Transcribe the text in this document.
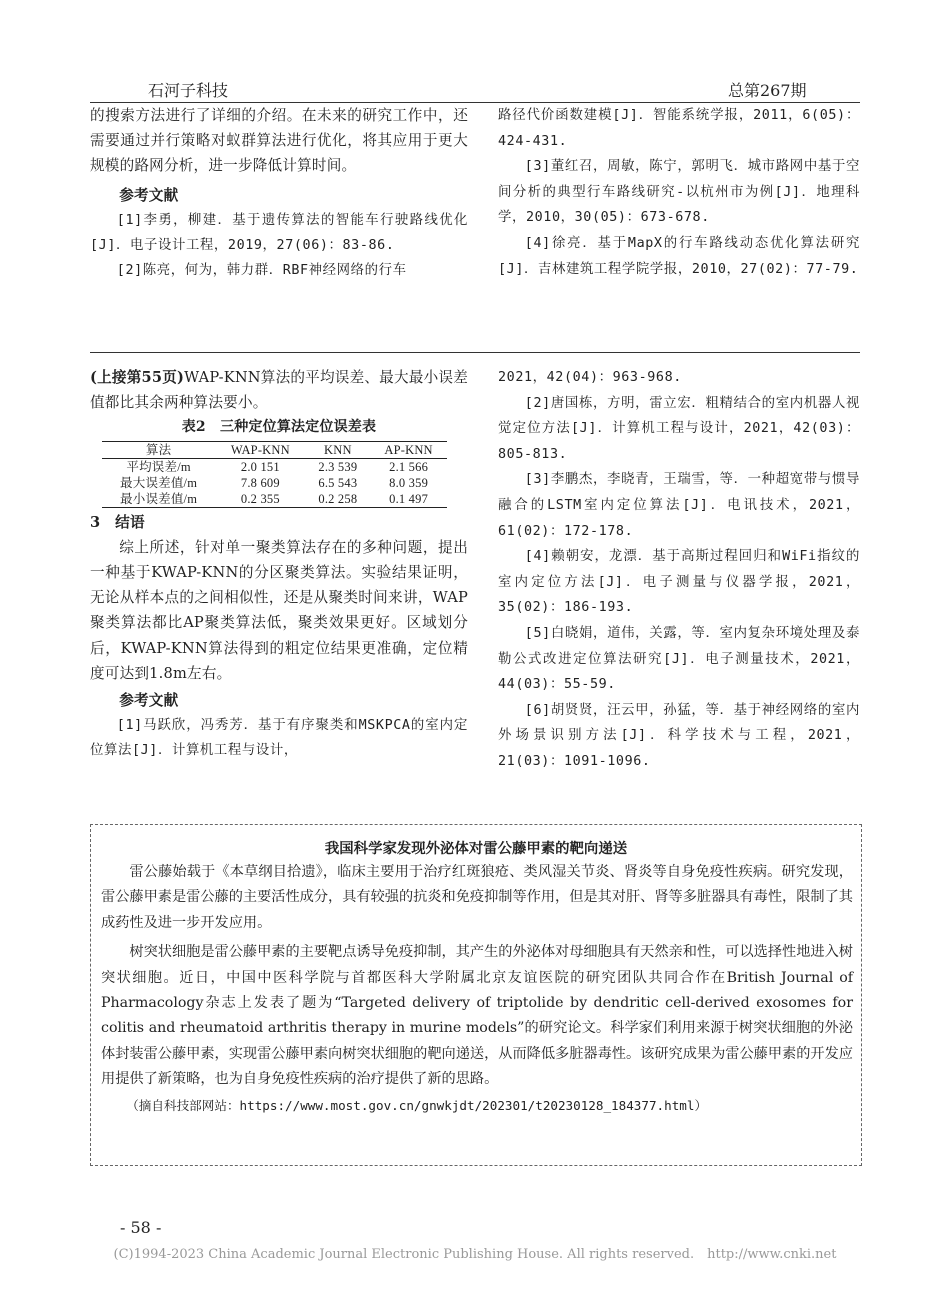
石河子科技	总第267期

的搜索方法进行了详细的介绍。在未来的研究工作中，还需要通过并行策略对蚁群算法进行优化，将其应用于更大规模的路网分析，进一步降低计算时间。

参考文献

[1]李勇，柳建．基于遗传算法的智能车行驶路线优化[J]．电子设计工程，2019，27(06)：83-86.

[2]陈亮，何为，韩力群．RBF神经网络的行车

路径代价函数建模[J]．智能系统学报，2011，6(05)：424-431.

[3]董红召，周敏，陈宁，郭明飞．城市路网中基于空间分析的典型行车路线研究-以杭州市为例[J]．地理科学，2010，30(05)：673-678.

[4]徐亮．基于MapX的行车路线动态优化算法研究[J]．吉林建筑工程学院学报，2010，27(02)：77-79.

(上接第55页)WAP-KNN算法的平均误差、最大最小误差值都比其余两种算法要小。

表2　三种定位算法定位误差表
算法	WAP-KNN	KNN	AP-KNN
平均误差/m	2.0 151	2.3 539	2.1 566
最大误差值/m	7.8 609	6.5 543	8.0 359
最小误差值/m	0.2 355	0.2 258	0.1 497

3　结语

综上所述，针对单一聚类算法存在的多种问题，提出一种基于KWAP-KNN的分区聚类算法。实验结果证明，无论从样本点的之间相似性，还是从聚类时间来讲，WAP聚类算法都比AP聚类算法低，聚类效果更好。区域划分后，KWAP-KNN算法得到的粗定位结果更准确，定位精度可达到1.8m左右。

参考文献

[1]马跃欣，冯秀芳．基于有序聚类和MSKPCA的室内定位算法[J]．计算机工程与设计，

2021，42(04)：963-968.

[2]唐国栋，方明，雷立宏．粗精结合的室内机器人视觉定位方法[J]．计算机工程与设计，2021，42(03)：805-813.

[3]李鹏杰，李晓青，王瑞雪，等．一种超宽带与惯导融合的LSTM室内定位算法[J]．电讯技术，2021，61(02)：172-178.

[4]赖朝安，龙漂．基于高斯过程回归和WiFi指纹的室内定位方法[J]．电子测量与仪器学报，2021，35(02)：186-193.

[5]白晓娟，道伟，关露，等．室内复杂环境处理及泰勒公式改进定位算法研究[J]．电子测量技术，2021，44(03)：55-59.

[6]胡贤贤，汪云甲，孙猛，等．基于神经网络的室内外场景识别方法[J]．科学技术与工程，2021，21(03)：1091-1096.

我国科学家发现外泌体对雷公藤甲素的靶向递送

雷公藤始载于《本草纲目拾遗》，临床主要用于治疗红斑狼疮、类风湿关节炎、肾炎等自身免疫性疾病。研究发现，雷公藤甲素是雷公藤的主要活性成分，具有较强的抗炎和免疫抑制等作用，但是其对肝、肾等多脏器具有毒性，限制了其成药性及进一步开发应用。

树突状细胞是雷公藤甲素的主要靶点诱导免疫抑制，其产生的外泌体对母细胞具有天然亲和性，可以选择性地进入树突状细胞。近日，中国中医科学院与首都医科大学附属北京友谊医院的研究团队共同合作在British Journal of Pharmacology杂志上发表了题为“Targeted delivery of triptolide by dendritic cell-derived exosomes for colitis and rheumatoid arthritis therapy in murine models”的研究论文。科学家们利用来源于树突状细胞的外泌体封装雷公藤甲素，实现雷公藤甲素向树突状细胞的靶向递送，从而降低多脏器毒性。该研究成果为雷公藤甲素的开发应用提供了新策略，也为自身免疫性疾病的治疗提供了新的思路。

（摘自科技部网站：https://www.most.gov.cn/gnwkjdt/202301/t20230128_184377.html）

- 58 -
(C)1994-2023 China Academic Journal Electronic Publishing House. All rights reserved.　http://www.cnki.net
